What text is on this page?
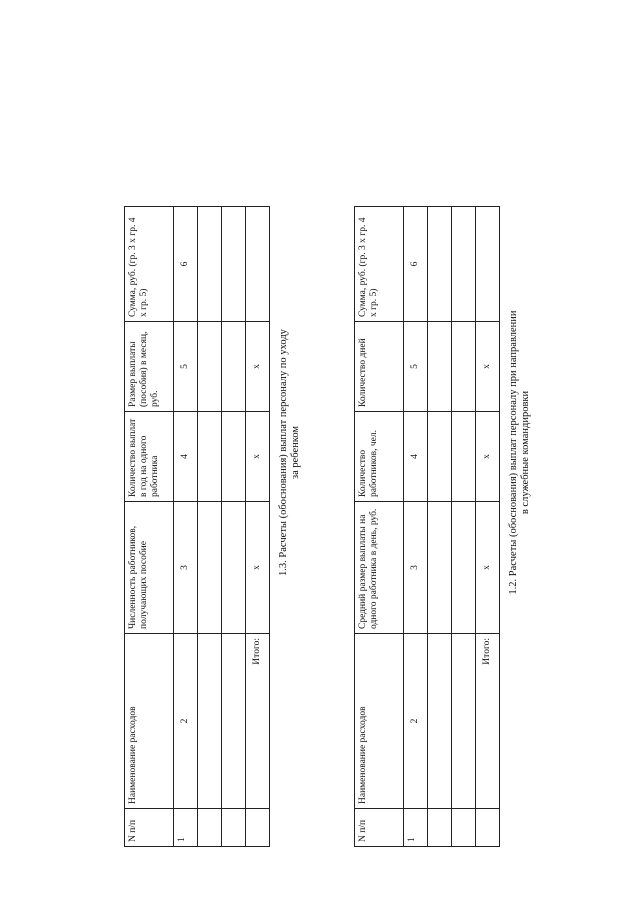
1.2. Расчеты (обоснования) выплат персоналу при направлении в служебные командировки
N п/п	Наименование расходов	Средний размер выплаты на одного работника в день, руб.	Количество работников, чел.	Количество дней	Сумма, руб. (гр. 3 x гр. 4 x гр. 5)
1	2	3	4	5	6

	Итого:	x	x	x	
1.3. Расчеты (обоснования) выплат персоналу по уходу за ребенком
N п/п	Наименование расходов	Численность работников, получающих пособие	Количество выплат в год на одного работника	Размер выплаты (пособия) в месяц, руб.	Сумма, руб. (гр. 3 x гр. 4 x гр. 5)
1	2	3	4	5	6

	Итого:	x	x	x	
